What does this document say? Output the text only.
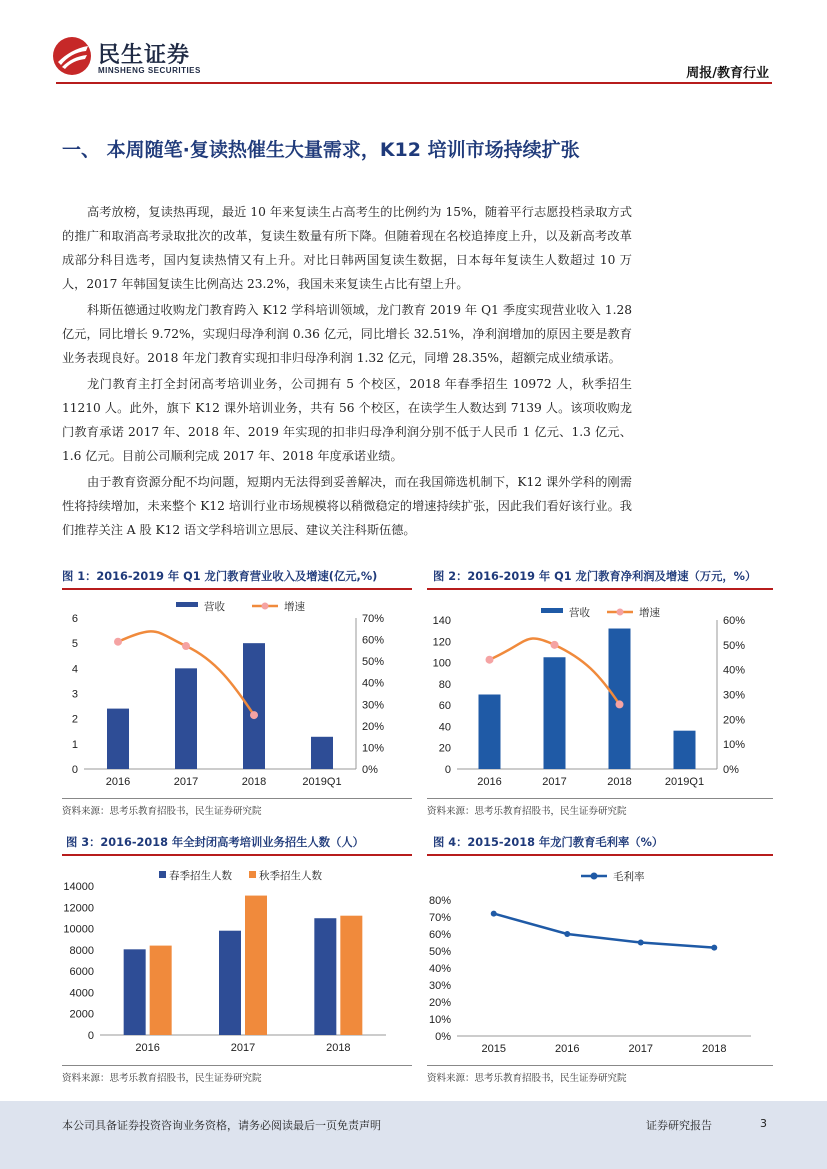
民生证券
MINSHENG SECURITIES	周报/教育行业
一、 本周随笔·复读热催生大量需求，K12 培训市场持续扩张

高考放榜，复读热再现，最近 10 年来复读生占高考生的比例约为 15%，随着平行志愿投档录取方式的推广和取消高考录取批次的改革，复读生数量有所下降。但随着现在名校追捧度上升，以及新高考改革成部分科目选考，国内复读热情又有上升。对比日韩两国复读生数据，日本每年复读生人数超过 10 万人，2017 年韩国复读生比例高达 23.2%，我国未来复读生占比有望上升。

科斯伍德通过收购龙门教育跨入 K12 学科培训领域，龙门教育 2019 年 Q1 季度实现营业收入 1.28 亿元，同比增长 9.72%，实现归母净利润 0.36 亿元，同比增长 32.51%，净利润增加的原因主要是教育业务表现良好。2018 年龙门教育实现扣非归母净利润 1.32 亿元，同增 28.35%，超额完成业绩承诺。

龙门教育主打全封闭高考培训业务，公司拥有 5 个校区，2018 年春季招生 10972 人，秋季招生 11210 人。此外，旗下 K12 课外培训业务，共有 56 个校区，在读学生人数达到 7139 人。该项收购龙门教育承诺 2017 年、2018 年、2019 年实现的扣非归母净利润分别不低于人民币 1 亿元、1.3 亿元、1.6 亿元。目前公司顺利完成 2017 年、2018 年度承诺业绩。

由于教育资源分配不均问题，短期内无法得到妥善解决，而在我国筛选机制下，K12 课外学科的刚需性将持续增加，未来整个 K12 培训行业市场规模将以稍微稳定的增速持续扩张，因此我们看好该行业。我们推荐关注 A 股 K12 语文学科培训立思辰、建议关注科斯伍德。

图 1：2016-2019 年 Q1 龙门教育营业收入及增速(亿元,%)
0
1
2
3
4
5
6
0%
10%
20%
30%
40%
50%
60%
70%
2016	2017	2018	2019Q1
营收	增速
资料来源：思考乐教育招股书，民生证券研究院
图 2：2016-2019 年 Q1 龙门教育净利润及增速（万元，%）
0
20
40
60
80
100
120
140
0%
10%
20%
30%
40%
50%
60%
2016	2017	2018	2019Q1
营收	增速
资料来源：思考乐教育招股书，民生证券研究院
图 3：2016-2018 年全封闭高考培训业务招生人数（人）
0
2000
4000
6000
8000
10000
12000
14000
2016	2017	2018
春季招生人数	秋季招生人数
资料来源：思考乐教育招股书，民生证券研究院
图 4：2015-2018 年龙门教育毛利率（%）
0%
10%
20%
30%
40%
50%
60%
70%
80%
2015	2016	2017	2018
毛利率
资料来源：思考乐教育招股书，民生证券研究院
本公司具备证券投资咨询业务资格，请务必阅读最后一页免责声明	证券研究报告	3
